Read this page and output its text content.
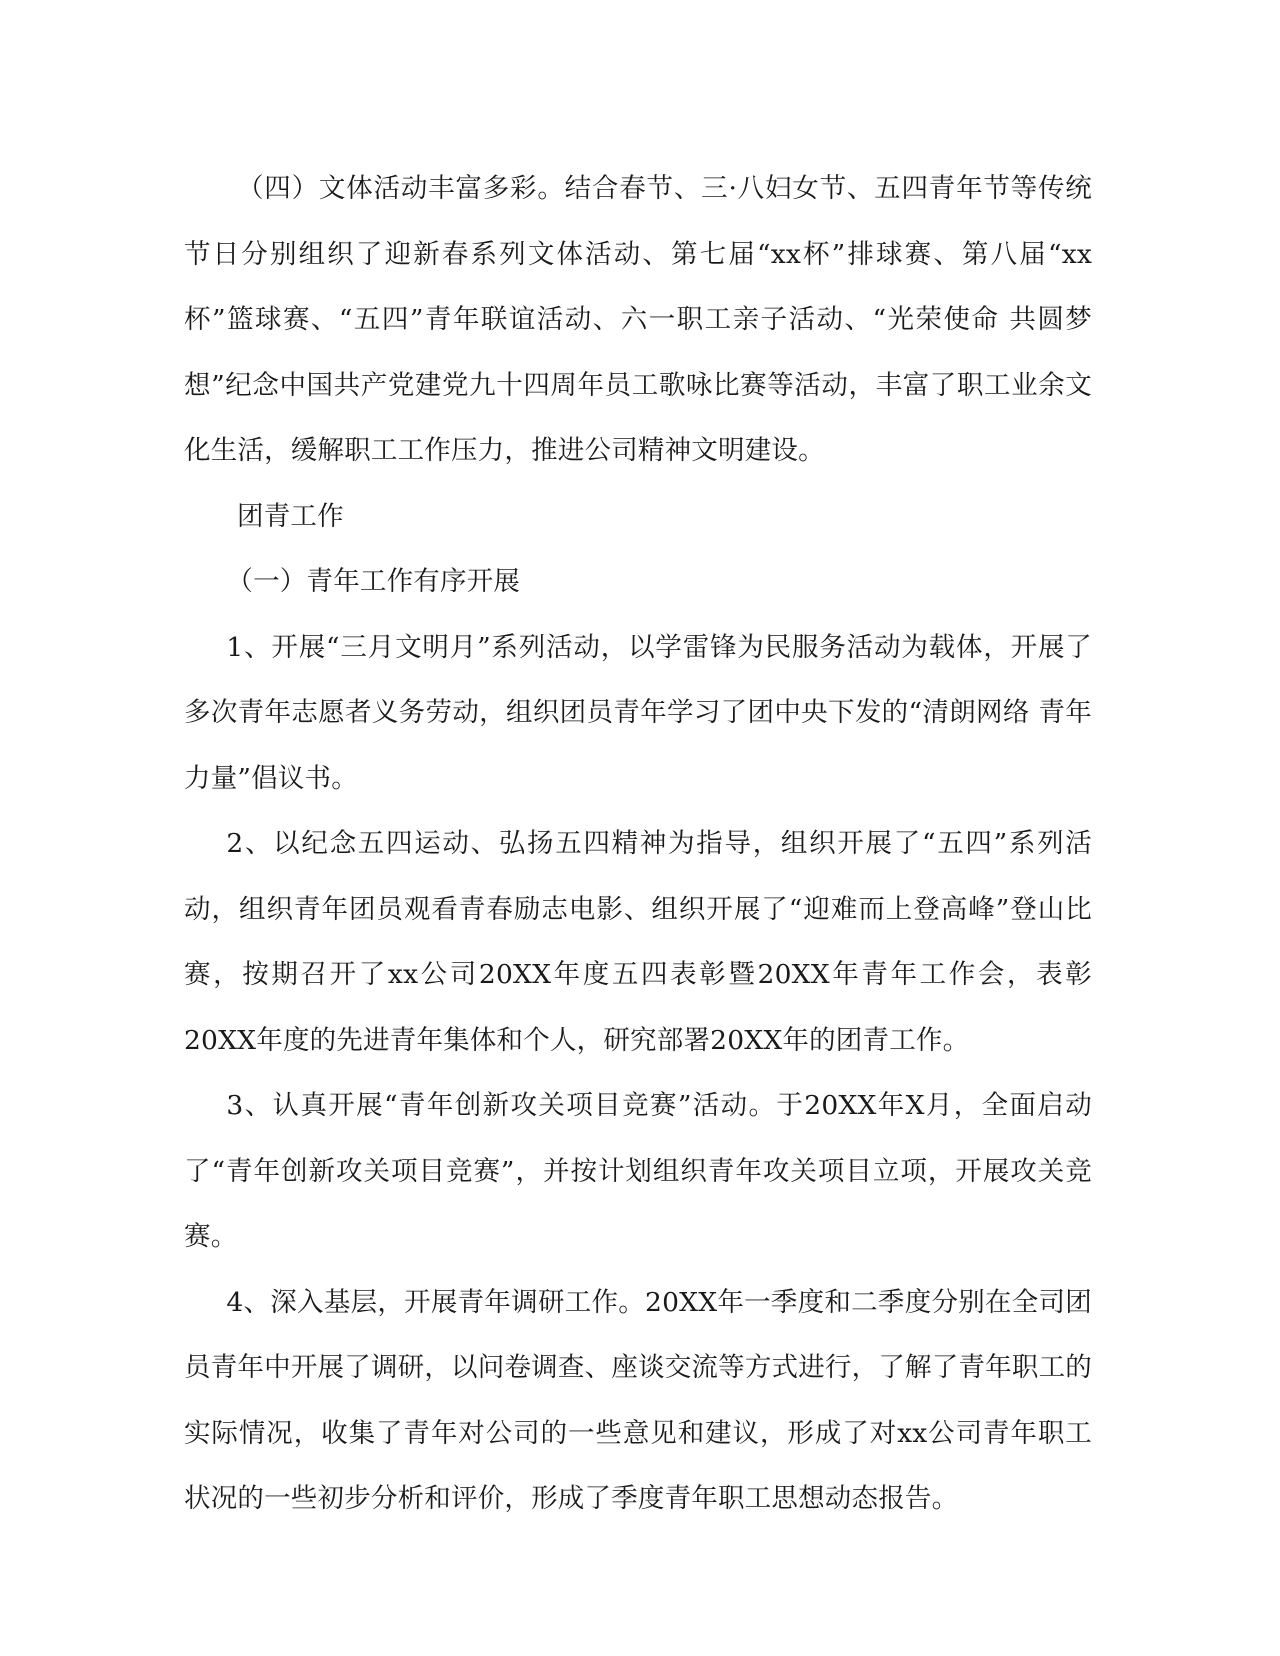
（四）文体活动丰富多彩。结合春节、三·八妇女节、五四青年节等传统节日分别组织了迎新春系列文体活动、第七届“xx杯”排球赛、第八届“xx杯”篮球赛、“五四”青年联谊活动、六一职工亲子活动、“光荣使命 共圆梦想”纪念中国共产党建党九十四周年员工歌咏比赛等活动，丰富了职工业余文化生活，缓解职工工作压力，推进公司精神文明建设。

团青工作

（一）青年工作有序开展

1、开展“三月文明月”系列活动，以学雷锋为民服务活动为载体，开展了多次青年志愿者义务劳动，组织团员青年学习了团中央下发的“清朗网络 青年力量”倡议书。

2、以纪念五四运动、弘扬五四精神为指导，组织开展了“五四”系列活动，组织青年团员观看青春励志电影、组织开展了“迎难而上登高峰”登山比赛，按期召开了xx公司20XX年度五四表彰暨20XX年青年工作会，表彰20XX年度的先进青年集体和个人，研究部署20XX年的团青工作。

3、认真开展“青年创新攻关项目竞赛”活动。于20XX年X月，全面启动了“青年创新攻关项目竞赛”，并按计划组织青年攻关项目立项，开展攻关竞赛。

4、深入基层，开展青年调研工作。20XX年一季度和二季度分别在全司团员青年中开展了调研，以问卷调查、座谈交流等方式进行，了解了青年职工的实际情况，收集了青年对公司的一些意见和建议，形成了对xx公司青年职工状况的一些初步分析和评价，形成了季度青年职工思想动态报告。
